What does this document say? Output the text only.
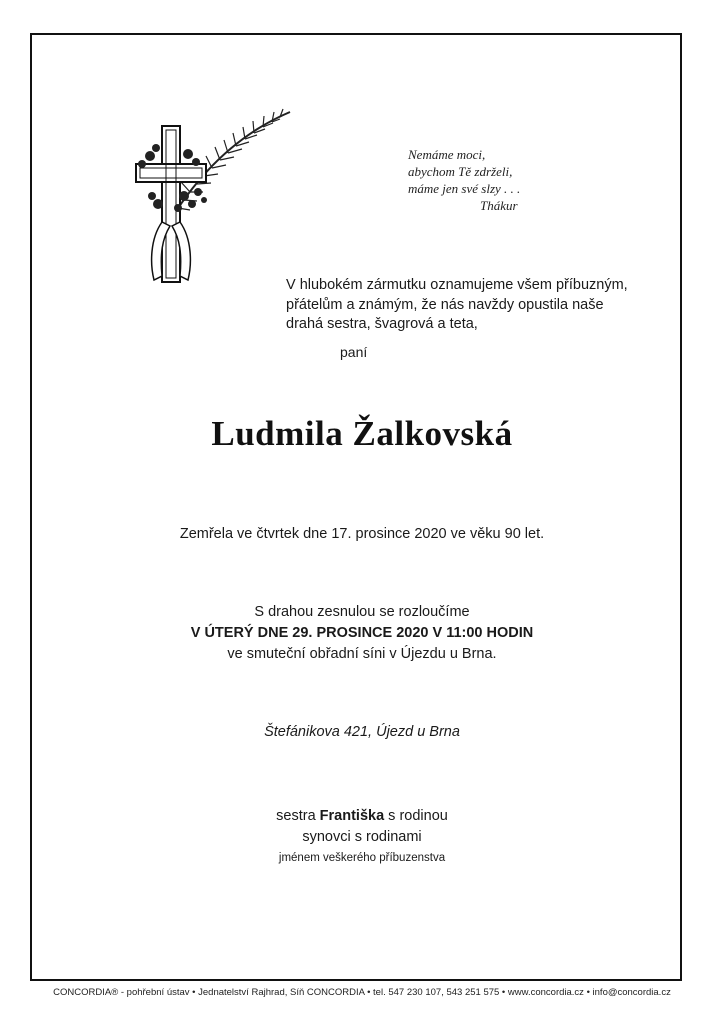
Nemáme moci,
abychom Tě zdrželi,
máme jen své slzy . . .
Thákur
V hlubokém zármutku oznamujeme všem příbuzným,
přátelům a známým, že nás navždy opustila naše
drahá sestra, švagrová a teta,
paní
Ludmila Žalkovská
Zemřela ve čtvrtek dne 17. prosince 2020 ve věku 90 let.
S drahou zesnulou se rozloučíme
V ÚTERÝ DNE 29. PROSINCE 2020 V 11:00 HODIN
ve smuteční obřadní síni v Újezdu u Brna.
Štefánikova 421, Újezd u Brna
sestra Františka s rodinou
synovci s rodinami
jménem veškerého příbuzenstva
CONCORDIA® - pohřební ústav • Jednatelství Rajhrad, Síň CONCORDIA • tel. 547 230 107, 543 251 575 • www.concordia.cz • info@concordia.cz
